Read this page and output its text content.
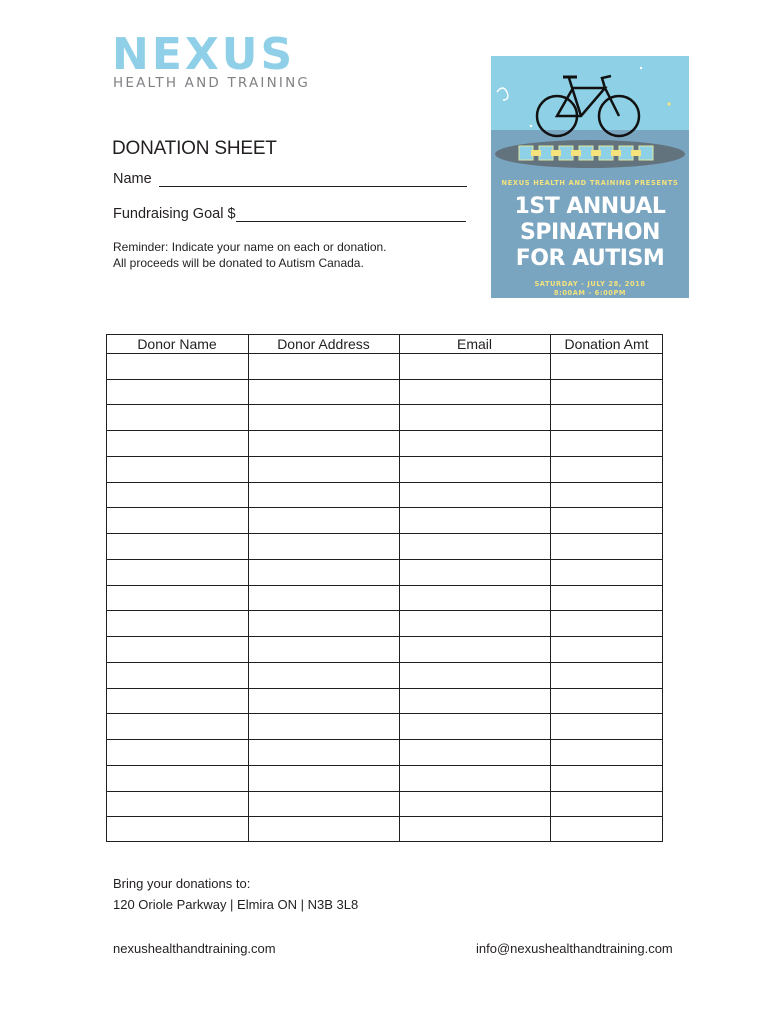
NEXUS
HEALTH AND TRAINING
DONATION SHEET
Name
Fundraising Goal $
Reminder: Indicate your name on each or donation.
All proceeds will be donated to Autism Canada.
NEXUS HEALTH AND TRAINING PRESENTS
1ST ANNUAL
SPINATHON
FOR AUTISM
SATURDAY - JULY 28, 2018
8:00AM - 6:00PM
Donor Name	Donor Address	Email	Donation Amt
Bring your donations to:
120 Oriole Parkway | Elmira ON | N3B 3L8
nexushealthandtraining.com	info@nexushealthandtraining.com
